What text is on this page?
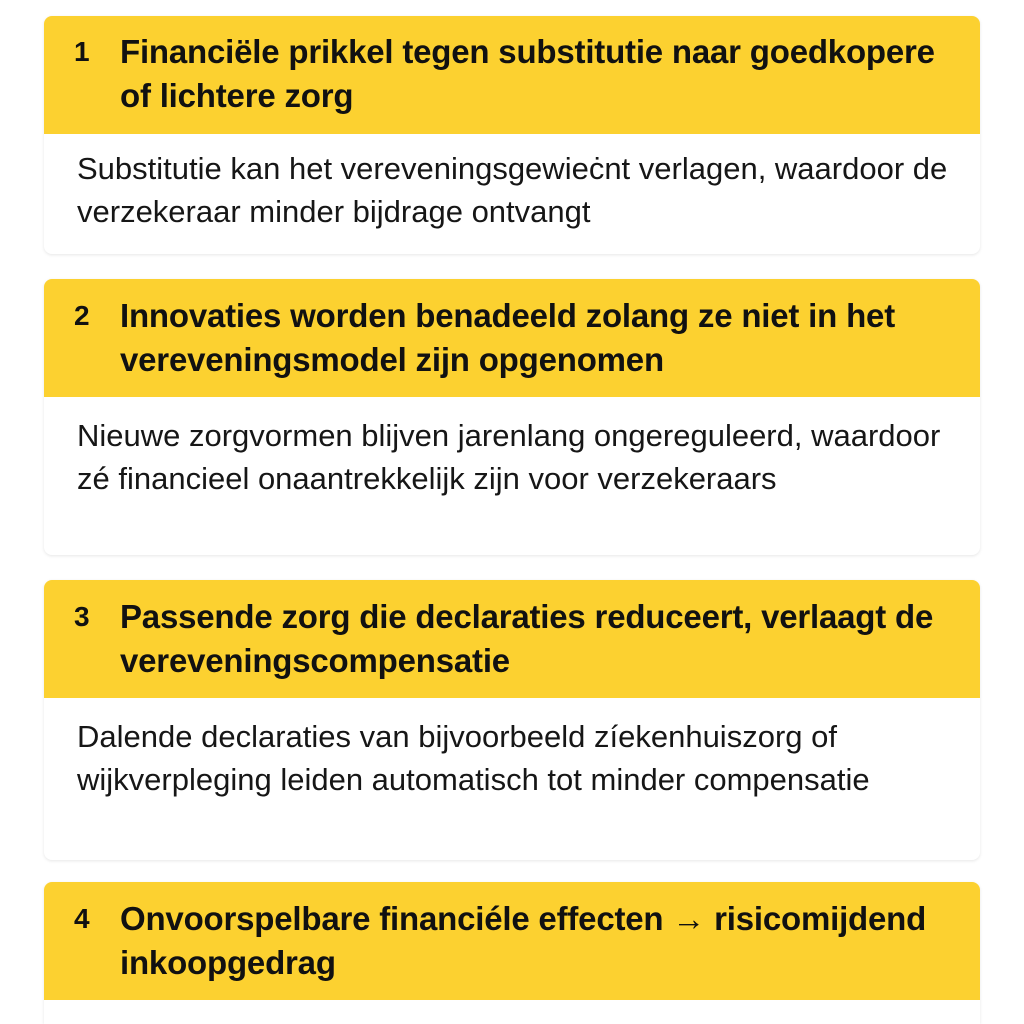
1 Financiële prikkel tegen substitutie naar goedkopere of lichtere zorg
Substitutie kan het vereveningsgewieċnt verlagen, waardoor de verzekeraar minder bijdrage ontvangt
2 Innovaties worden benadeeld zolang ze niet in het vereveningsmodel zijn opgenomen
Nieuwe zorgvormen blijven jarenlang ongereguleerd, waardoor zé financieel onaantrekkelijk zijn voor verzekeraars
3 Passende zorg die declaraties reduceert, verlaagt de vereveningscompensatie
Dalende declaraties van bijvoorbeeld zíekenhuiszorg of wijkverpleging leiden automatisch tot minder compensatie
4 Onvoorspelbare financiéle effecten → risicomijdend inkoopgedrag
